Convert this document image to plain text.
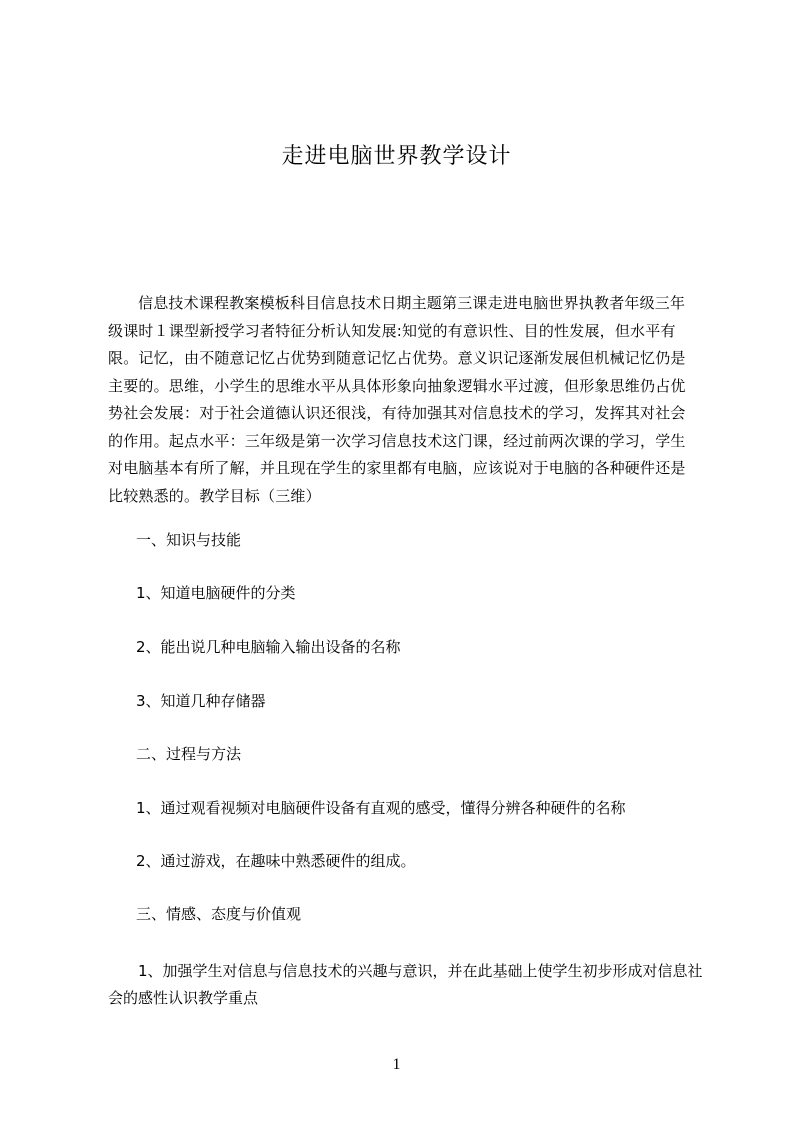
走进电脑世界教学设计
信息技术课程教案模板科目信息技术日期主题第三课走进电脑世界执教者年级三年级课时１课型新授学习者特征分析认知发展:知觉的有意识性、目的性发展，但水平有限。记忆，由不随意记忆占优势到随意记忆占优势。意义识记逐渐发展但机械记忆仍是主要的。思维，小学生的思维水平从具体形象向抽象逻辑水平过渡，但形象思维仍占优势社会发展：对于社会道德认识还很浅，有待加强其对信息技术的学习，发挥其对社会的作用。起点水平：三年级是第一次学习信息技术这门课，经过前两次课的学习，学生对电脑基本有所了解，并且现在学生的家里都有电脑，应该说对于电脑的各种硬件还是比较熟悉的。教学目标（三维）
一、知识与技能
1、知道电脑硬件的分类
2、能出说几种电脑输入输出设备的名称
3、知道几种存储器
二、过程与方法
1、通过观看视频对电脑硬件设备有直观的感受，懂得分辨各种硬件的名称
2、通过游戏，在趣味中熟悉硬件的组成。
三、情感、态度与价值观
1、加强学生对信息与信息技术的兴趣与意识，并在此基础上使学生初步形成对信息社会的感性认识教学重点
1
